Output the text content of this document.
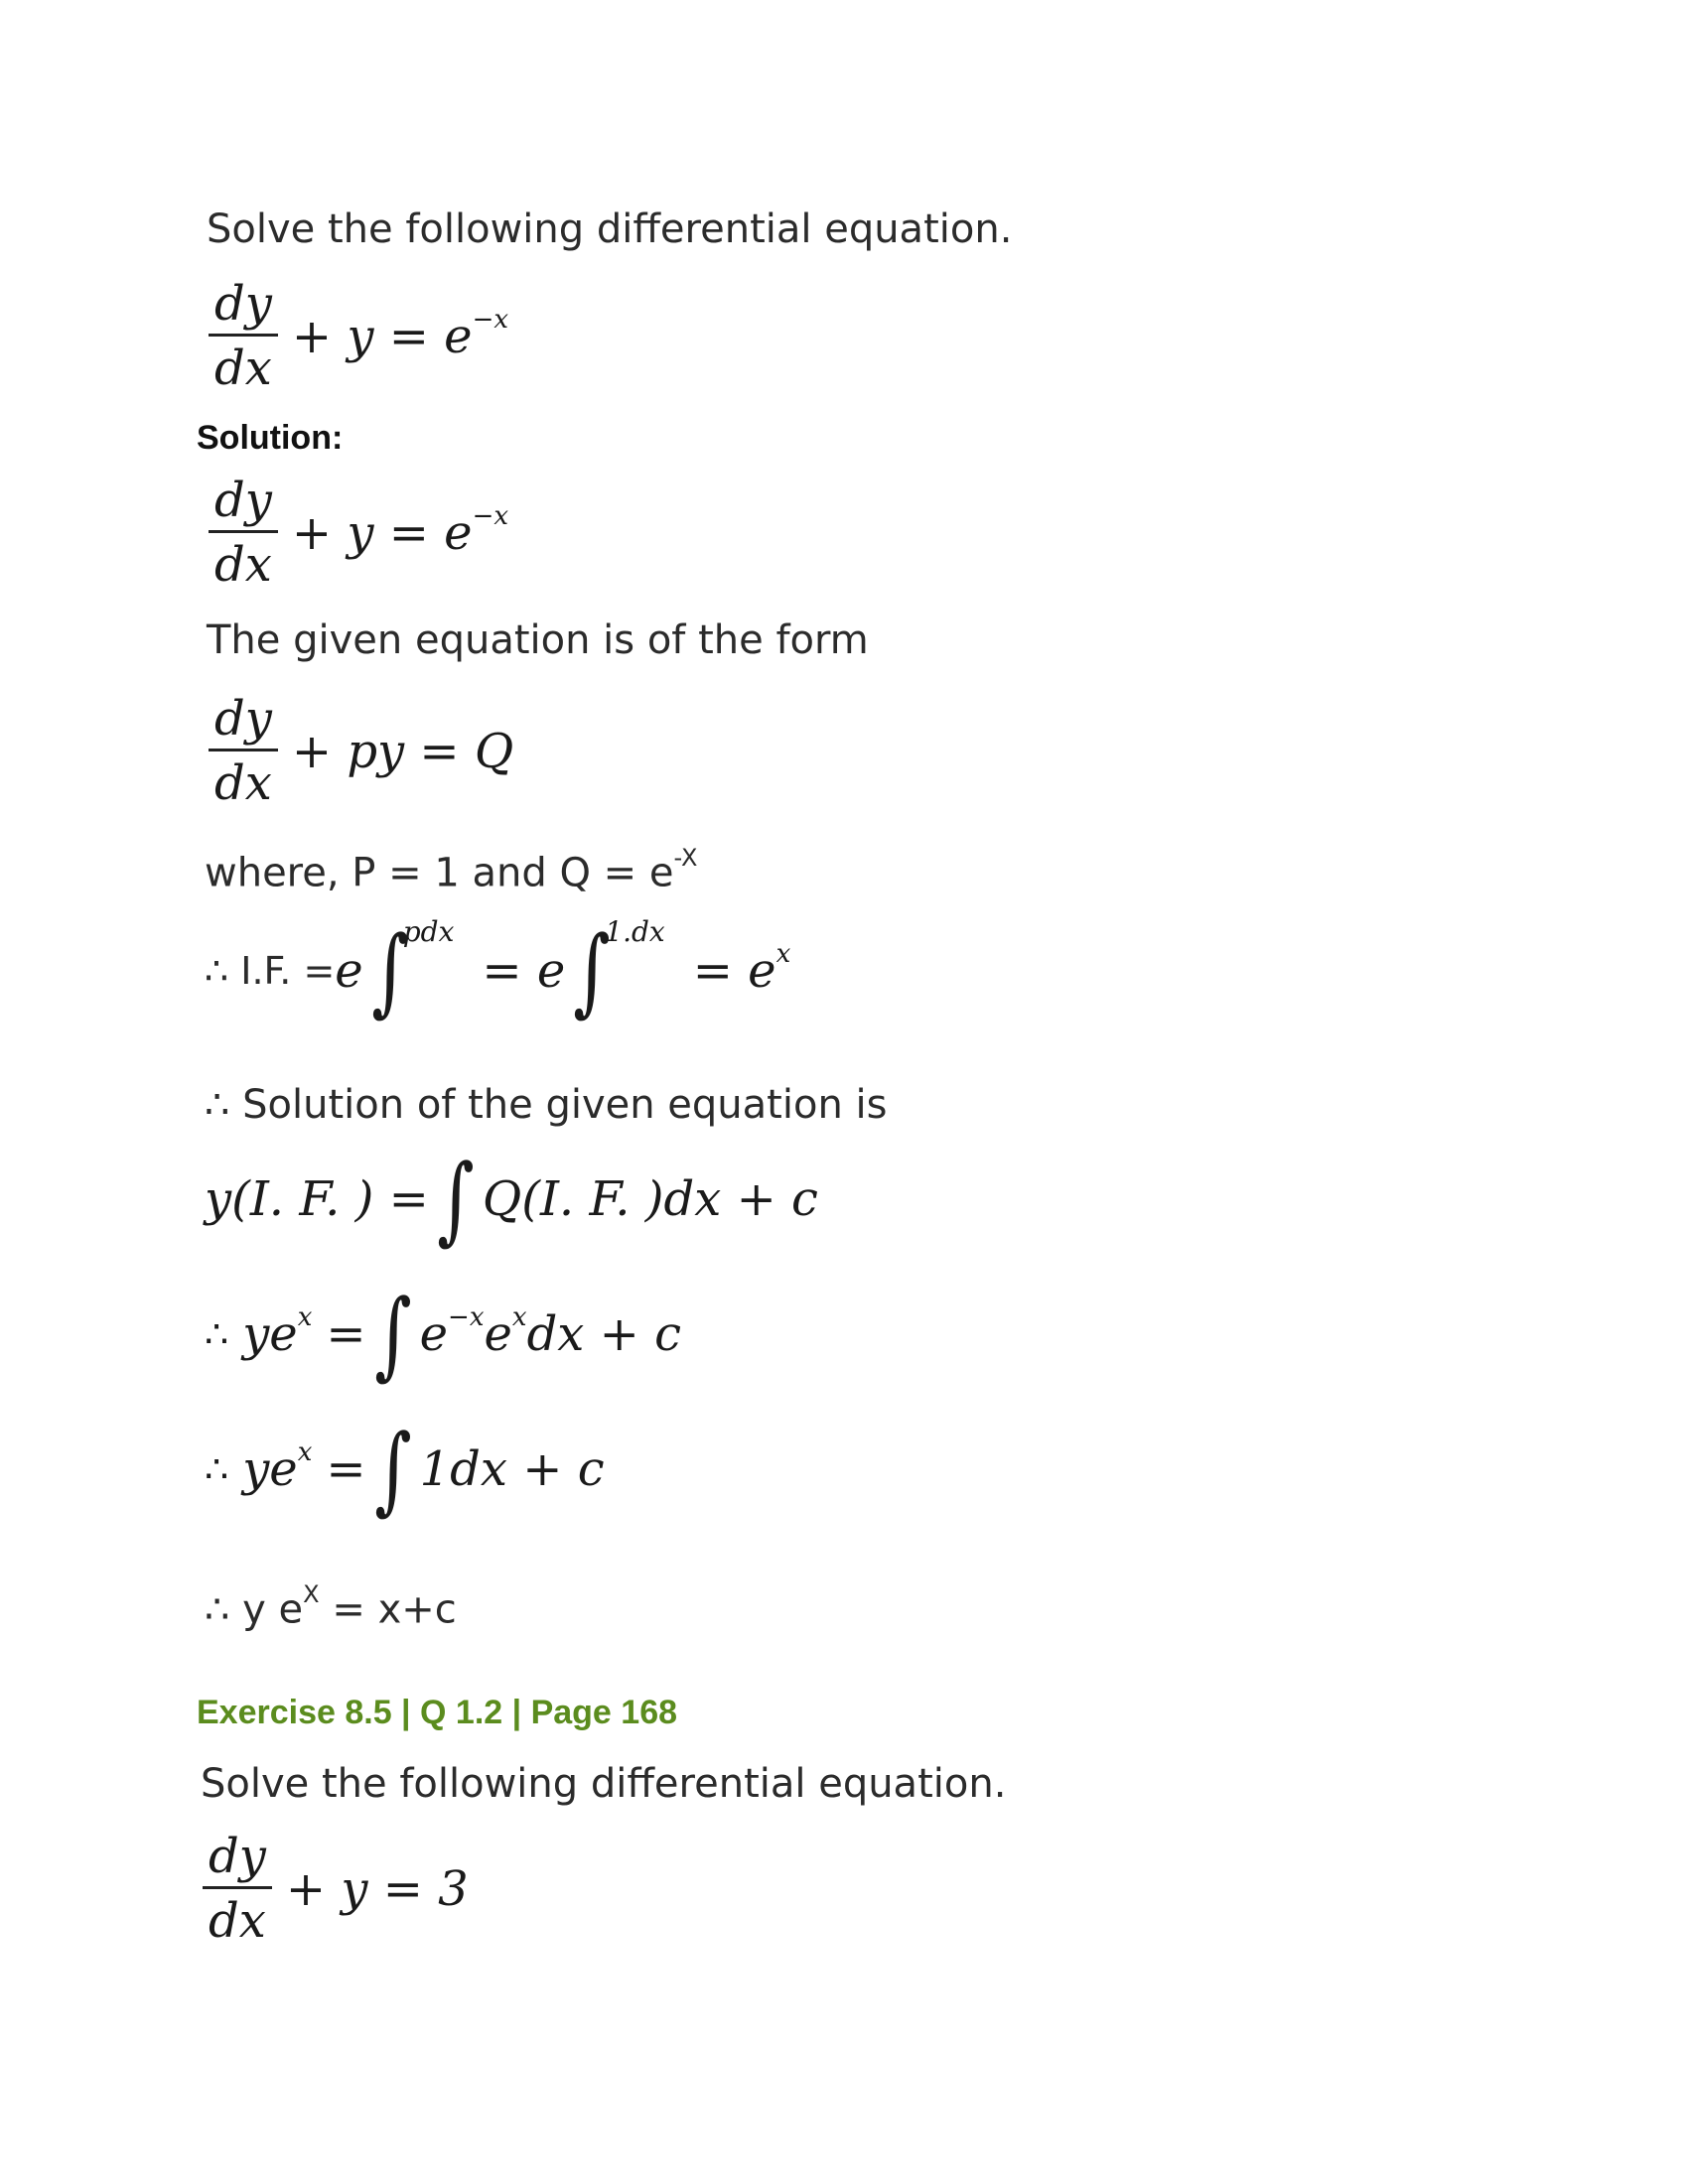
Solve the following differential equation.
$\frac{dy}{dx} + y = e^{-x}$
Solution:
$\frac{dy}{dx} + y = e^{-x}$
The given equation is of the form
$\frac{dy}{dx}$ + py = Q
where, P = 1 and $Q = e^{-X}$
∴ I.F. = e ∫
pdx
= e ∫
1.dx
= $e^x$
∴ Solution of the given equation is
y(I. F. ) = ∫ Q(I. F. )dx + c
∴ $ye^x$ = ∫ $e^{-x}e^xdx + c$
∴ $ye^x$ = ∫ 1dx + c
∴ y $e^X = x+c$
Exercise 8.5 | Q 1.2 | Page 168
Solve the following differential equation.
$\frac{dy}{dx} + y = 3$
